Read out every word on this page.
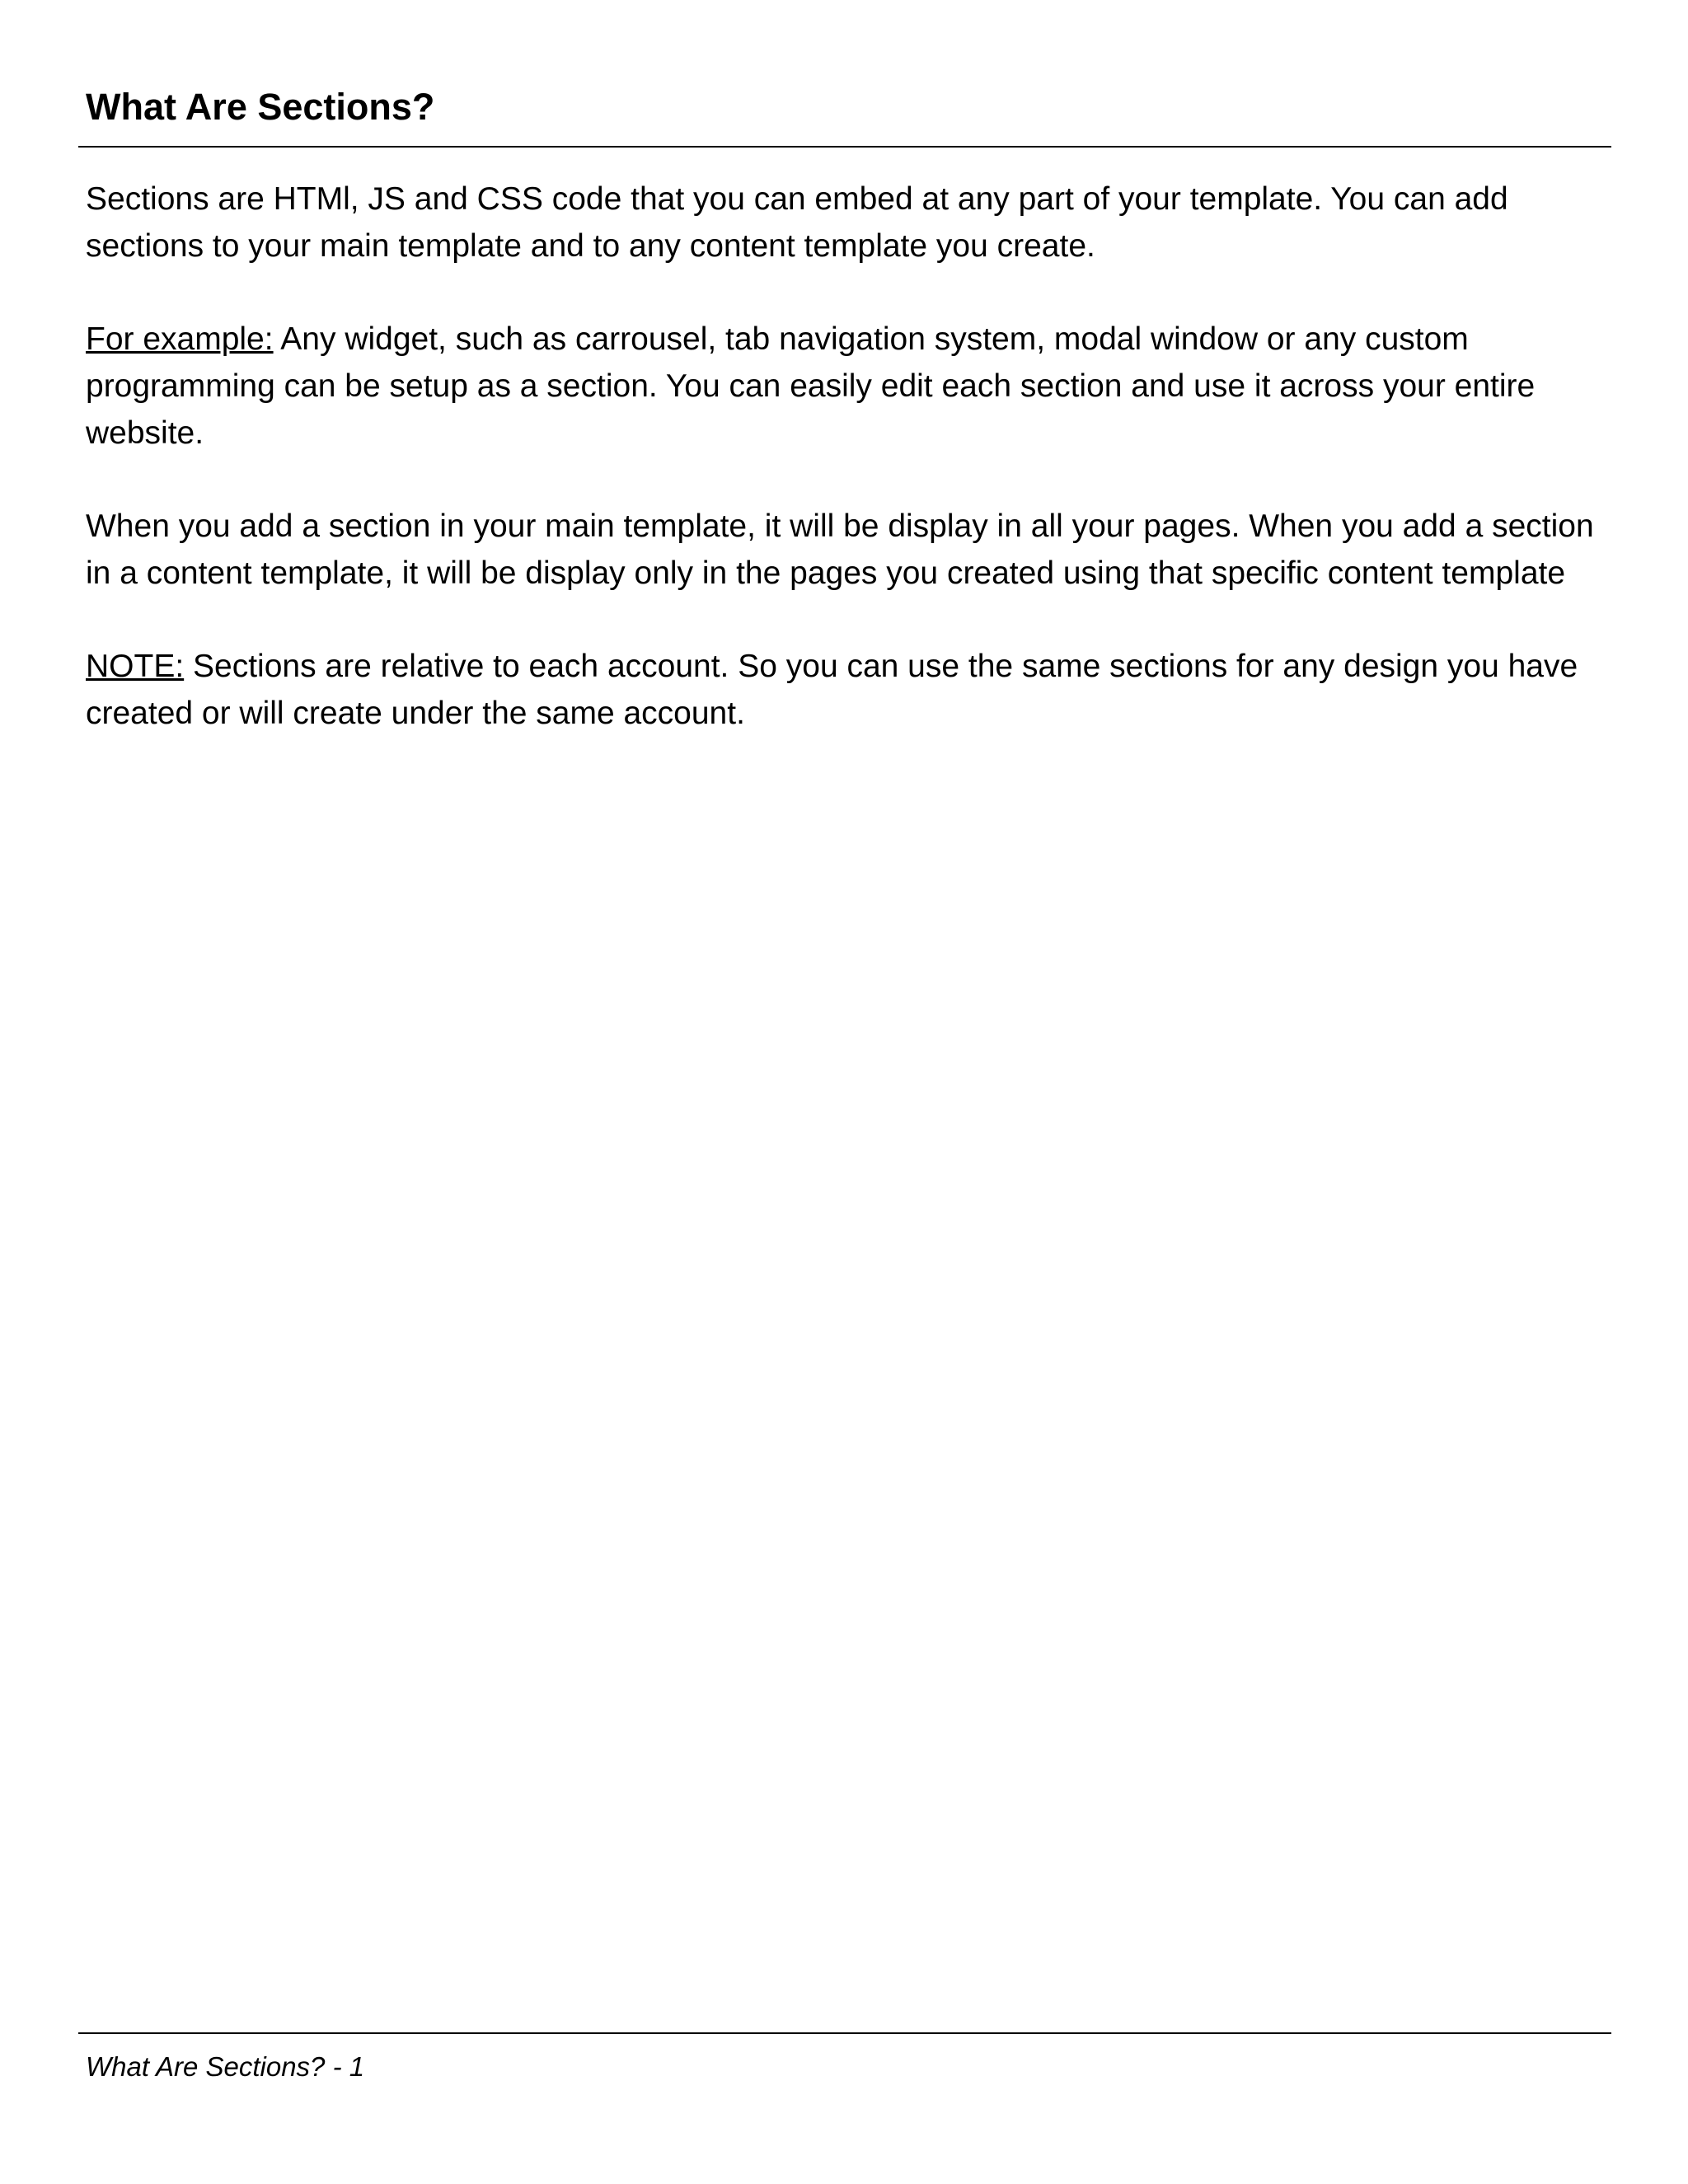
What Are Sections?

Sections are HTMl, JS and CSS code that you can embed at any part of your template. You can add sections to your main template and to any content template you create.

For example: Any widget, such as carrousel, tab navigation system, modal window or any custom programming can be setup as a section. You can easily edit each section and use it across your entire website.

When you add a section in your main template, it will be display in all your pages. When you add a section in a content template, it will be display only in the pages you created using that specific content template

NOTE: Sections are relative to each account. So you can use the same sections for any design you have created or will create under the same account.

What Are Sections? - 1
